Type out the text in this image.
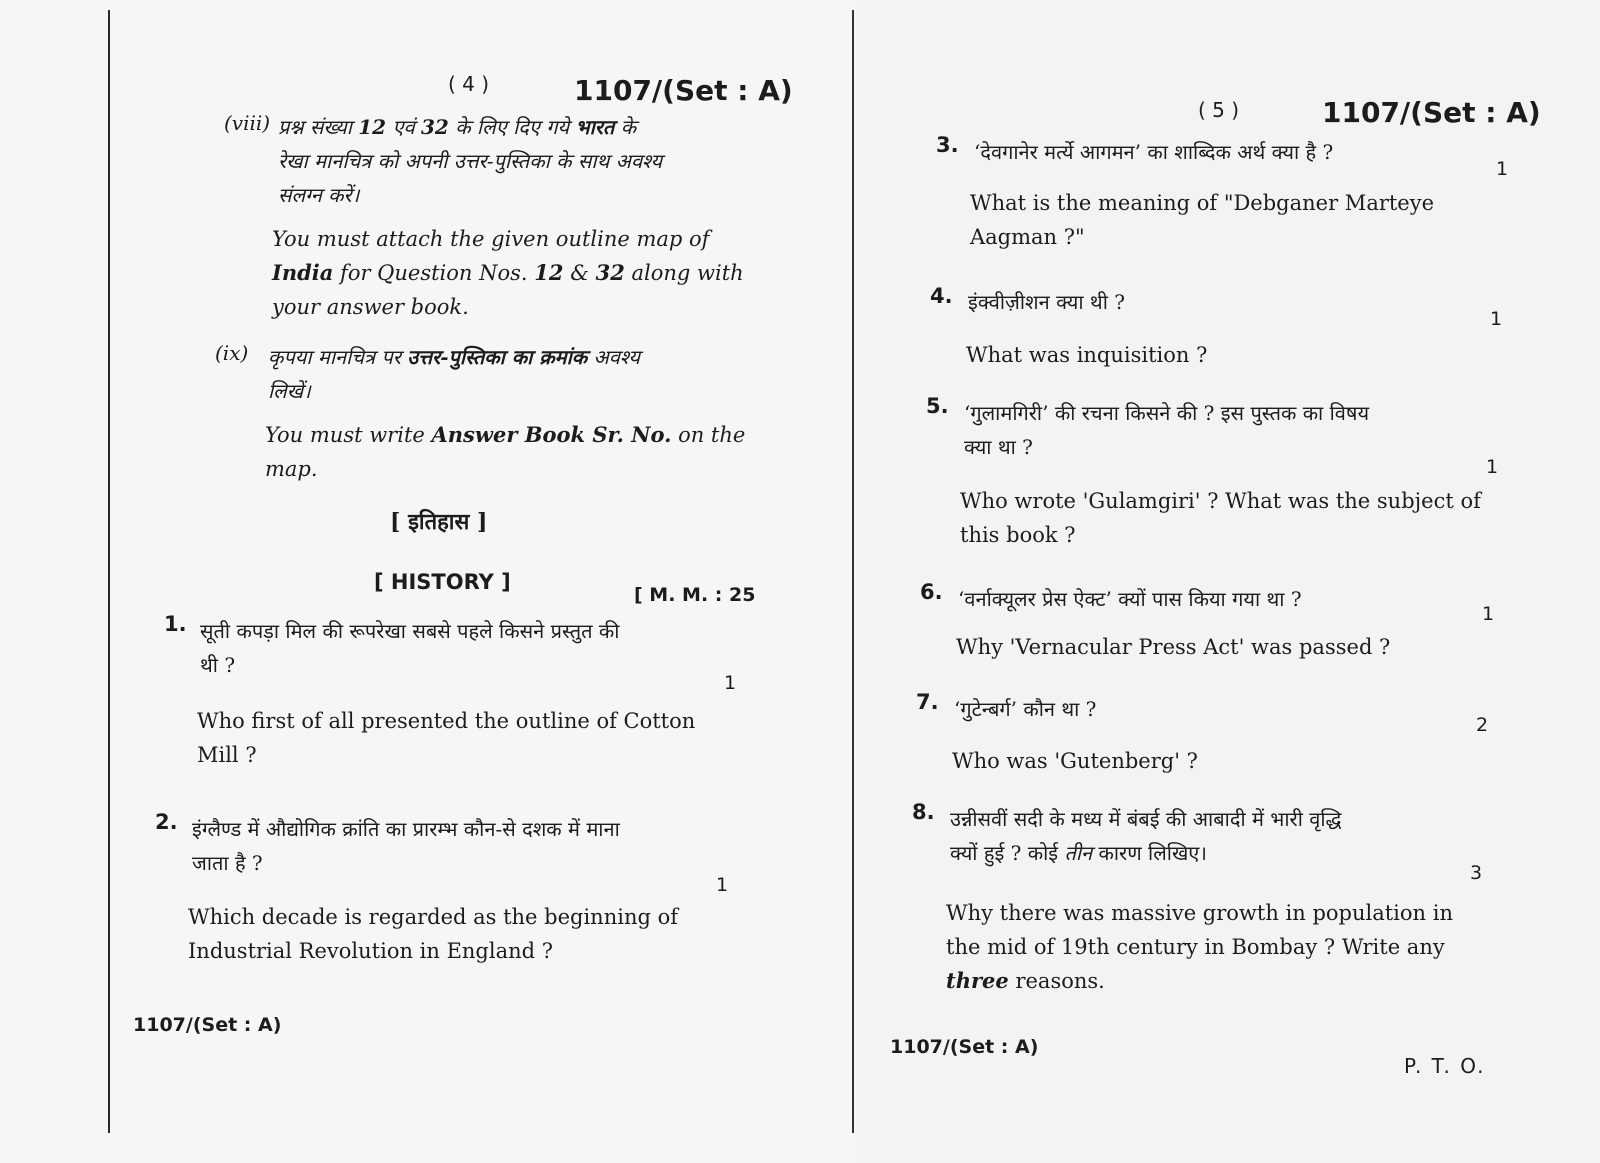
( 4 )	1107/(Set : A)
(viii) प्रश्न संख्या 12 एवं 32 के लिए दिए गये भारत के
रेखा मानचित्र को अपनी उत्तर-पुस्तिका के साथ अवश्य
संलग्न करें।
You must attach the given outline map of
India for Question Nos. 12 & 32 along with
your answer book.
(ix) कृपया मानचित्र पर उत्तर-पुस्तिका का क्रमांक अवश्य
लिखें।
You must write Answer Book Sr. No. on the
map.
[ इतिहास ]
[ HISTORY ]
[ M. M. : 25
1. सूती कपड़ा मिल की रूपरेखा सबसे पहले किसने प्रस्तुत की
थी ?
1
Who first of all presented the outline of Cotton
Mill ?
2. इंग्लैण्ड में औद्योगिक क्रांति का प्रारम्भ कौन-से दशक में माना
जाता है ?
1
Which decade is regarded as the beginning of
Industrial Revolution in England ?
1107/(Set : A)
( 5 )	1107/(Set : A)
3. ‘देवगानेर मर्त्ये आगमन’ का शाब्दिक अर्थ क्या है ?
1
What is the meaning of "Debganer Marteye
Aagman ?"
4. इंक्वीज़ीशन क्या थी ?
1
What was inquisition ?
5. ‘गुलामगिरी’ की रचना किसने की ? इस पुस्तक का विषय
क्या था ?
1
Who wrote 'Gulamgiri' ? What was the subject of
this book ?
6. ‘वर्नाक्यूलर प्रेस ऐक्ट’ क्यों पास किया गया था ?
1
Why 'Vernacular Press Act' was passed ?
7. ‘गुटेन्बर्ग’ कौन था ?
2
Who was 'Gutenberg' ?
8. उन्नीसवीं सदी के मध्य में बंबई की आबादी में भारी वृद्धि
क्यों हुई ? कोई तीन कारण लिखिए।
3
Why there was massive growth in population in
the mid of 19th century in Bombay ? Write any
three reasons.
1107/(Set : A)
P. T. O.
